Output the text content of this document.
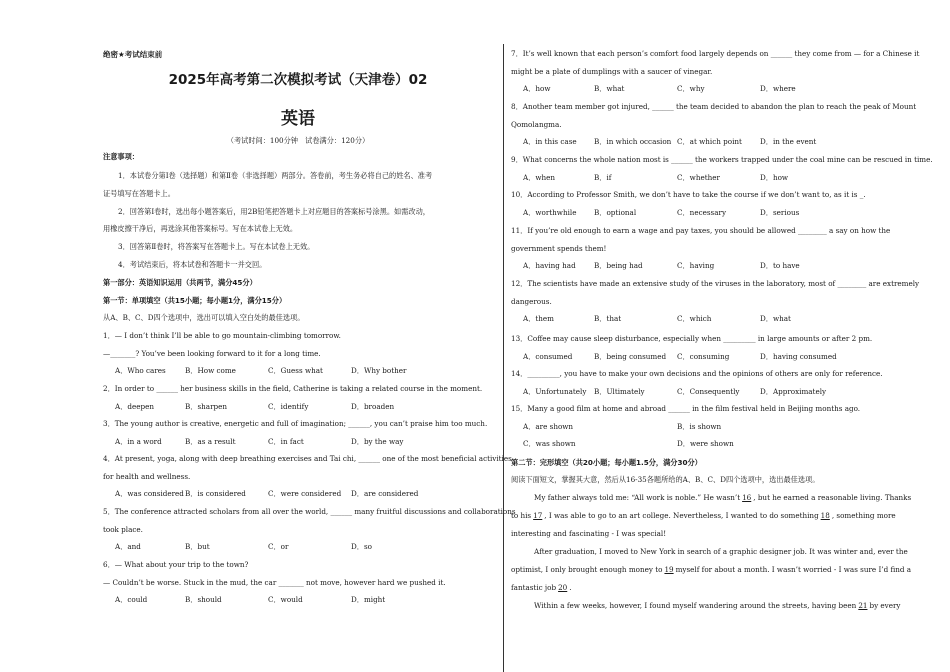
绝密★考试结束前
2025年高考第二次模拟考试（天津卷）02
英语
（考试时间：100分钟　试卷满分：120分）
注意事项：
1．本试卷分第Ⅰ卷（选择题）和第Ⅱ卷（非选择题）两部分。答卷前，考生务必将自己的姓名、准考
证号填写在答题卡上。
2．回答第Ⅰ卷时，选出每小题答案后，用2B铅笔把答题卡上对应题目的答案标号涂黑。如需改动，
用橡皮擦干净后，再选涂其他答案标号。写在本试卷上无效。
3．回答第Ⅱ卷时，将答案写在答题卡上。写在本试卷上无效。
4．考试结束后，将本试卷和答题卡一并交回。
第一部分：英语知识运用（共两节，满分45分）
第一节：单项填空（共15小题；每小题1分，满分15分）
从A、B、C、D四个选项中，选出可以填入空白处的最佳选项。
1．— I don’t think I’ll be able to go mountain-climbing tomorrow.
—_______? You’ve been looking forward to it for a long time.
A．Who cares	B．How come	C．Guess what	D．Why bother
2．In order to ______ her business skills in the field, Catherine is taking a related course in the moment.
A．deepen	B．sharpen	C．identify	D．broaden
3．The young author is creative, energetic and full of imagination; ______, you can’t praise him too much.
A．in a word	B．as a result	C．in fact	D．by the way
4．At present, yoga, along with deep breathing exercises and Tai chi, ______ one of the most beneficial activities
for health and wellness.
A．was considered B．is considered	C．were considered D．are considered
5．The conference attracted scholars from all over the world, ______ many fruitful discussions and collaborations
took place.
A．and	B．but	C．or	D．so
6．— What about your trip to the town?
— Couldn’t be worse. Stuck in the mud, the car _______ not move, however hard we pushed it.
A．could	B．should	C．would	D．might
7．It’s well known that each person’s comfort food largely depends on ______ they come from — for a Chinese it
might be a plate of dumplings with a saucer of vinegar.
A．how	B．what	C．why	D．where
8．Another team member got injured, ______ the team decided to abandon the plan to reach the peak of Mount
Qomolangma.
A．in this case B．in which occasion C．at which point	D．in the event
9．What concerns the whole nation most is ______ the workers trapped under the coal mine can be rescued in time.
A．when	B．if	C．whether	D．how
10．According to Professor Smith, we don’t have to take the course if we don’t want to, as it is _.
A．worthwhile B．optional	C．necessary	D．serious
11．If you’re old enough to earn a wage and pay taxes, you should be allowed ________ a say on how the
government spends them!
A．having had	B．being had	C．having	D．to have
12．The scientists have made an extensive study of the viruses in the laboratory, most of ________ are extremely
dangerous.
A．them	B．that	C．which	D．what
13．Coffee may cause sleep disturbance, especially when _________ in large amounts or after 2 pm.
A．consumed	B．being consumed C．consuming	D．having consumed
14．_________, you have to make your own decisions and the opinions of others are only for reference.
A．Unfortunately B．Ultimately	C．Consequently	D．Approximately
15．Many a good film at home and abroad ______ in the film festival held in Beijing months ago.
A．are shown	B．is shown
C．was shown	D．were shown
第二节：完形填空（共20小题；每小题1.5分，满分30分）
阅读下面短文，掌握其大意，然后从16-35各题所给的A、B、C、D四个选项中，选出最佳选项。
My father always told me: “All work is noble.” He wasn’t 16 , but he earned a reasonable living. Thanks
to his 17 , I was able to go to an art college. Nevertheless, I wanted to do something 18 , something more
interesting and fascinating - I was special!
After graduation, I moved to New York in search of a graphic designer job. It was winter and, ever the
optimist, I only brought enough money to 19 myself for about a month. I wasn’t worried - I was sure I’d find a
fantastic job 20 .
Within a few weeks, however, I found myself wandering around the streets, having been 21 by every
